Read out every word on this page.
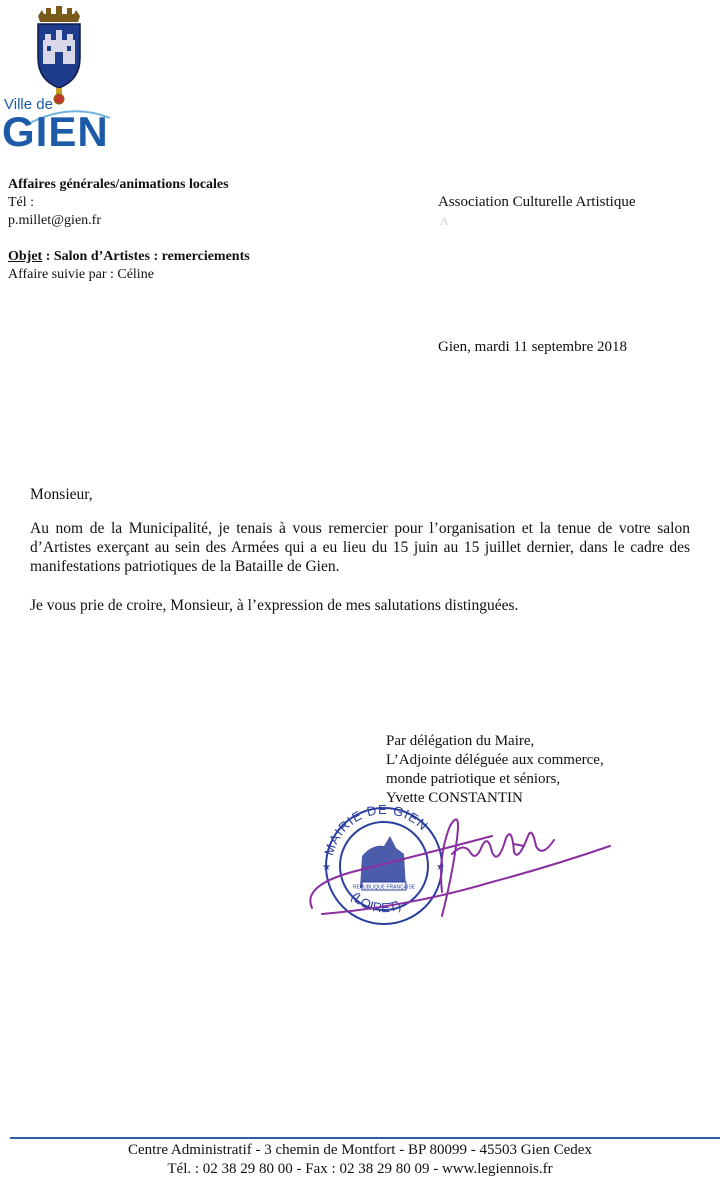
Ville de
GIEN
Affaires générales/animations locales
Tél :
p.millet@gien.fr
Objet : Salon d’Artistes : remerciements
Affaire suivie par : Céline
Association Culturelle Artistique
A
Gien, mardi 11 septembre 2018
Monsieur,
Au nom de la Municipalité, je tenais à vous remercier pour l’organisation et la tenue de votre salon d’Artistes exerçant au sein des Armées qui a eu lieu du 15 juin au 15 juillet dernier, dans le cadre des manifestations patriotiques de la Bataille de Gien.
Je vous prie de croire, Monsieur, à l’expression de mes salutations distinguées.
Par délégation du Maire,
L’Adjointe déléguée aux commerce,
monde patriotique et séniors,
Yvette CONSTANTIN
MAIRIE DE GIEN
(LOIRET)
RÉPUBLIQUE FRANÇAISE
★	★
Centre Administratif - 3 chemin de Montfort - BP 80099 - 45503 Gien Cedex
Tél. : 02 38 29 80 00 - Fax : 02 38 29 80 09 - www.legiennois.fr
